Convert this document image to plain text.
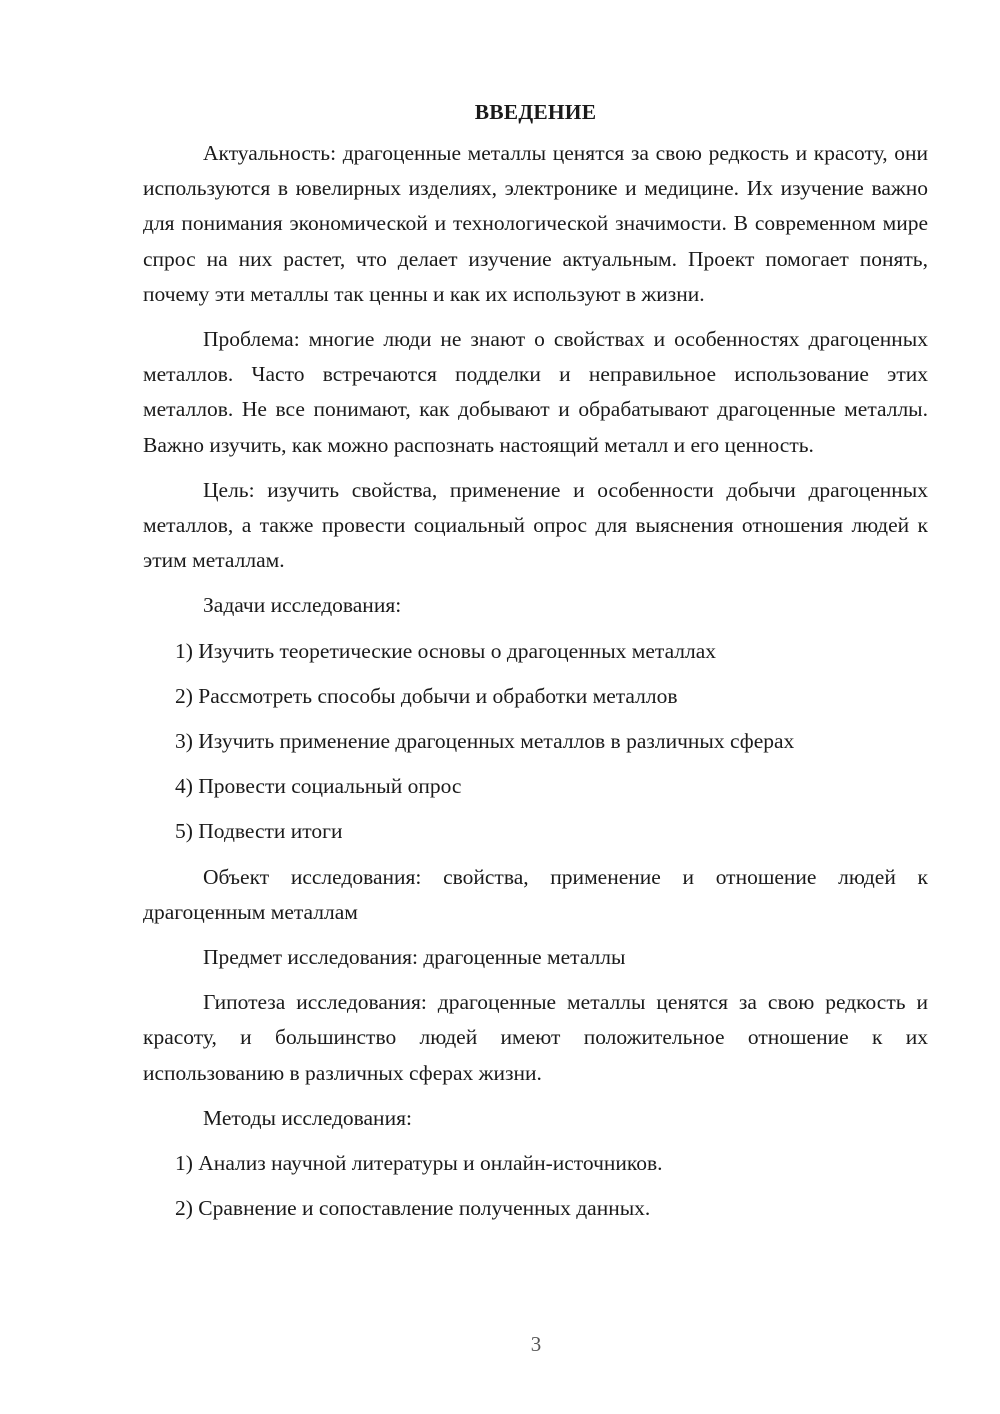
ВВЕДЕНИЕ

Актуальность: драгоценные металлы ценятся за свою редкость и красоту, они используются в ювелирных изделиях, электронике и медицине. Их изучение важно для понимания экономической и технологической значимости. В современном мире спрос на них растет, что делает изучение актуальным. Проект помогает понять, почему эти металлы так ценны и как их используют в жизни.

Проблема: многие люди не знают о свойствах и особенностях драгоценных металлов. Часто встречаются подделки и неправильное использование этих металлов. Не все понимают, как добывают и обрабатывают драгоценные металлы. Важно изучить, как можно распознать настоящий металл и его ценность.

Цель: изучить свойства, применение и особенности добычи драгоценных металлов, а также провести социальный опрос для выяснения отношения людей к этим металлам.

Задачи исследования:

1) Изучить теоретические основы о драгоценных металлах

2) Рассмотреть способы добычи и обработки металлов

3) Изучить применение драгоценных металлов в различных сферах

4) Провести социальный опрос

5) Подвести итоги

Объект исследования: свойства, применение и отношение людей к драгоценным металлам

Предмет исследования: драгоценные металлы

Гипотеза исследования: драгоценные металлы ценятся за свою редкость и красоту, и большинство людей имеют положительное отношение к их использованию в различных сферах жизни.

Методы исследования:

1) Анализ научной литературы и онлайн-источников.

2) Сравнение и сопоставление полученных данных.

3
